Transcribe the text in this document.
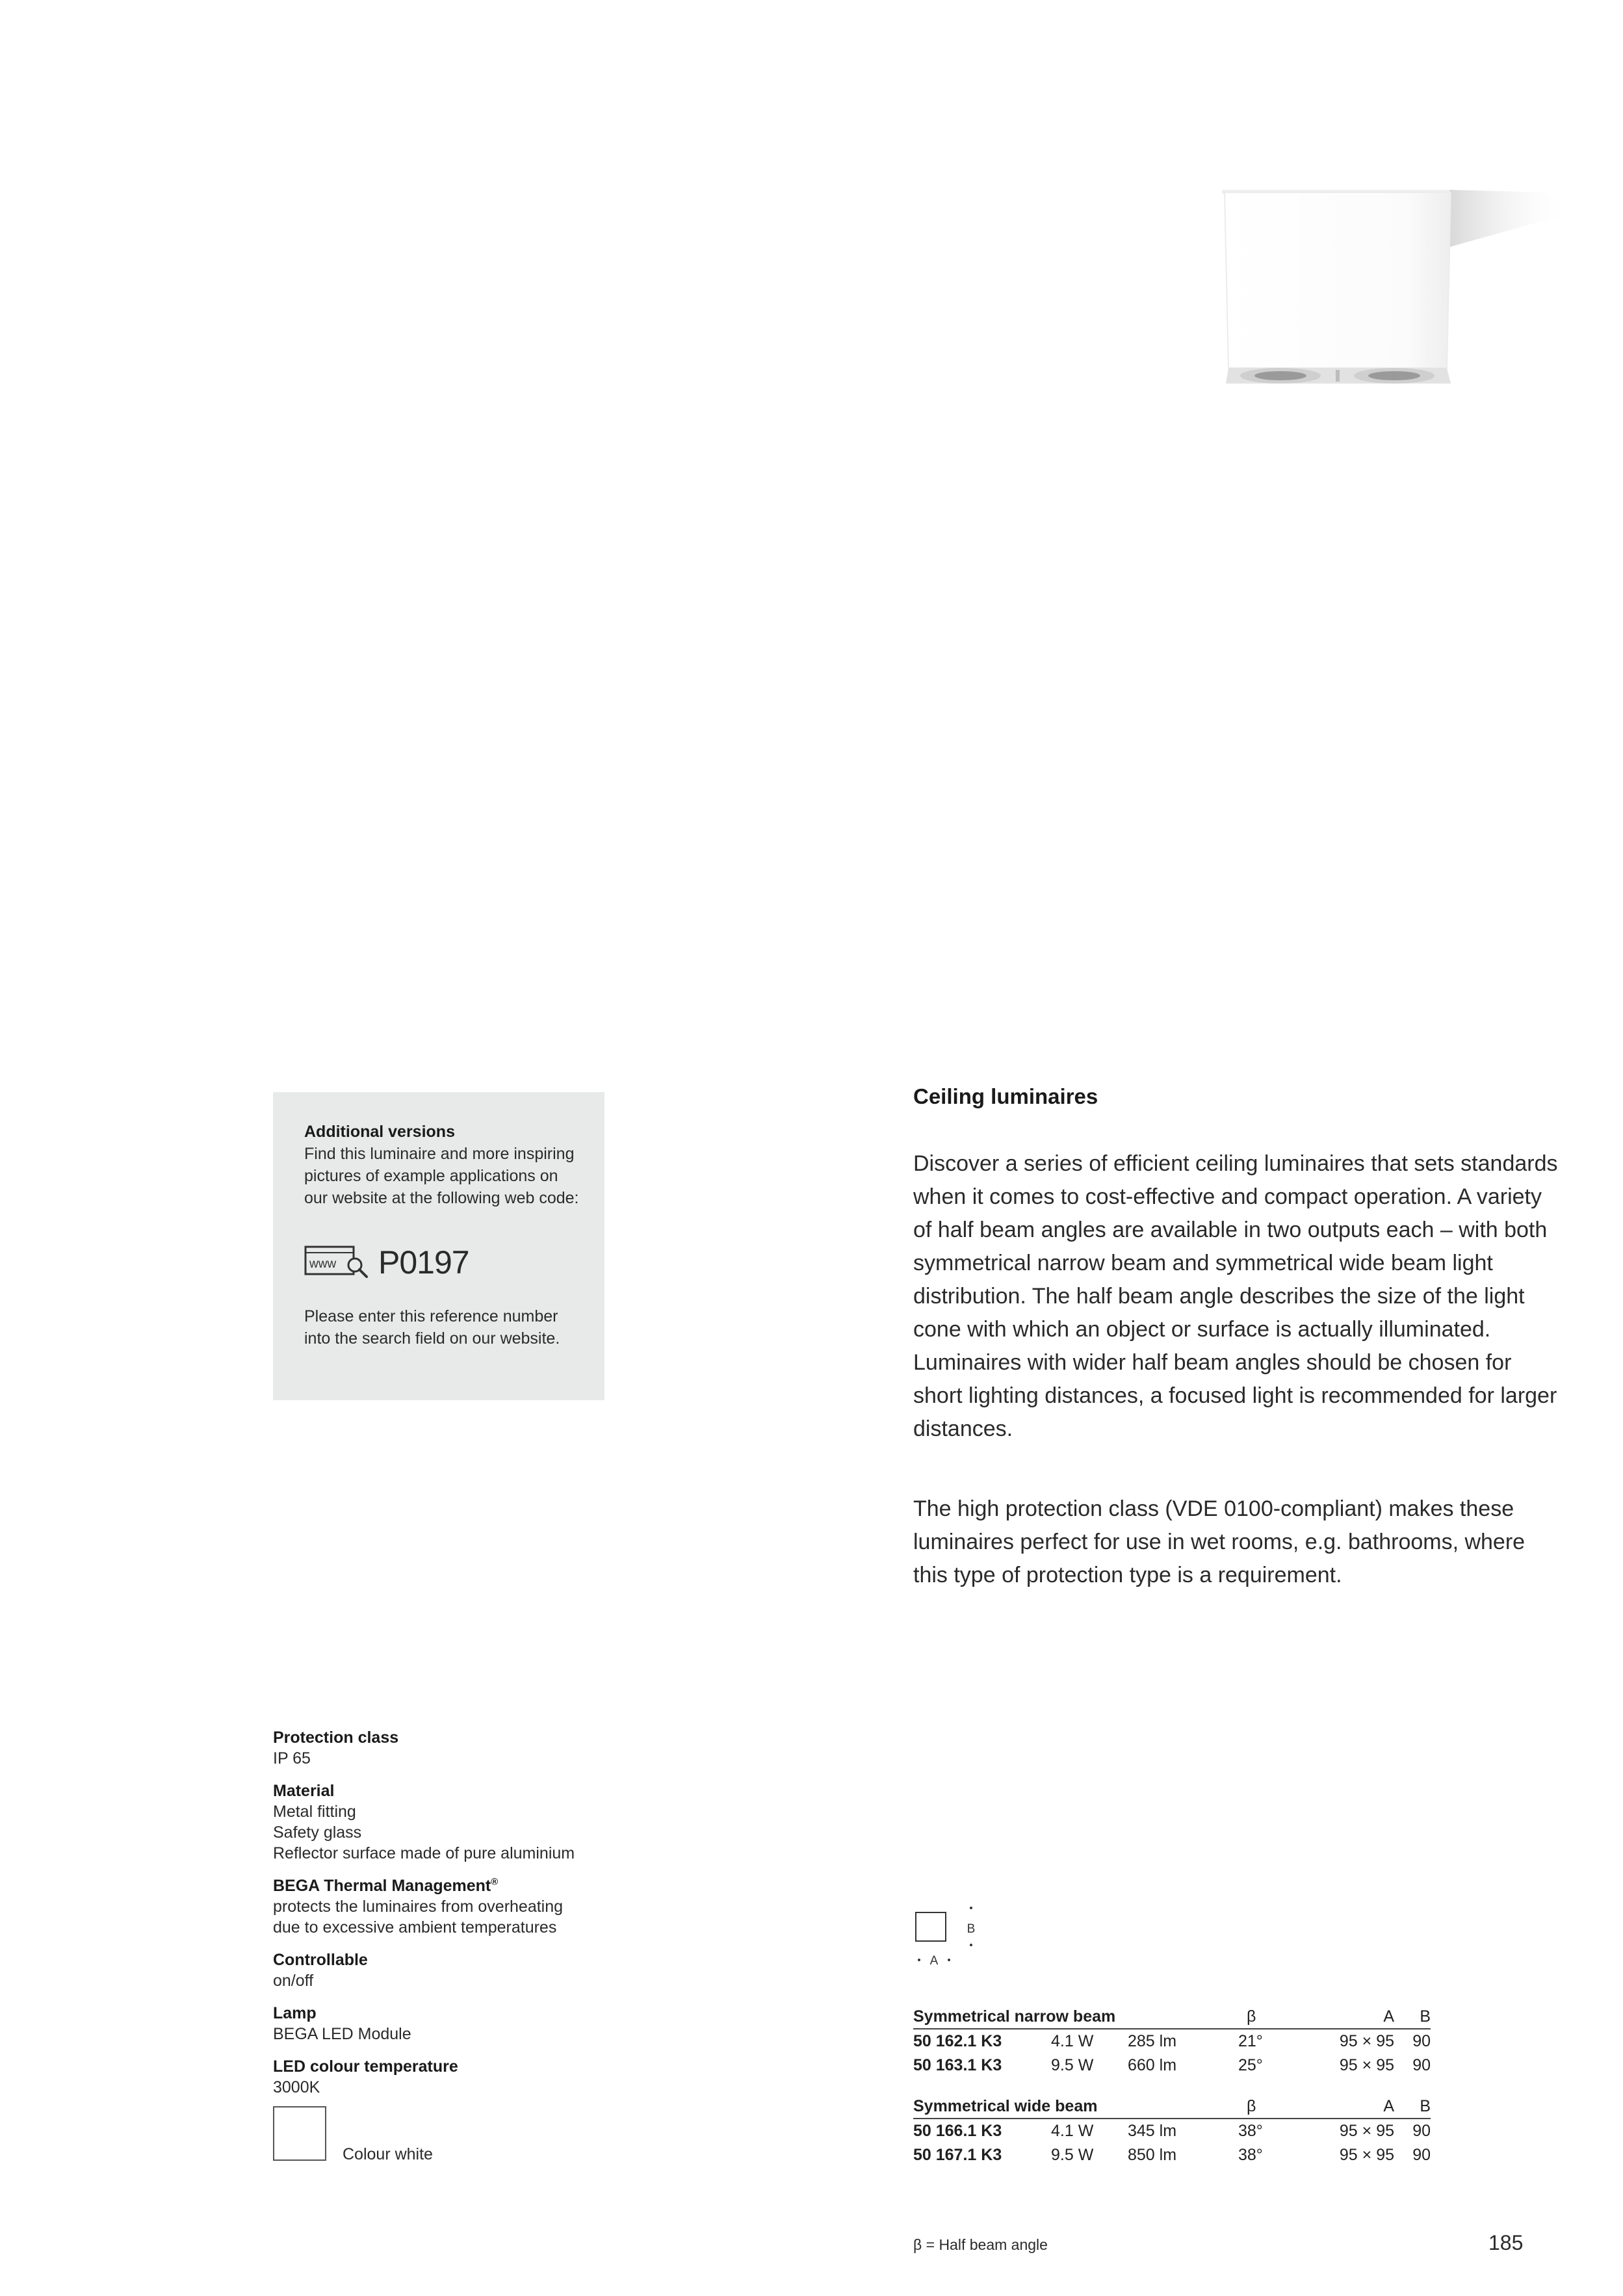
Additional versions
Find this luminaire and more inspiring pictures of example applications on our website at the following web code:
www P0197
Please enter this reference number into the search field on our website.
Ceiling luminaires

Discover a series of efficient ceiling luminaires that sets standards when it comes to cost-effective and compact operation. A variety of half beam angles are available in two outputs each – with both symmetrical narrow beam and symmetrical wide beam light distribution. The half beam angle describes the size of the light cone with which an object or surface is actually illuminated. Luminaires with wider half beam angles should be chosen for short lighting distances, a focused light is recommended for larger distances.

The high protection class (VDE 0100-compliant) makes these luminaires perfect for use in wet rooms, e.g. bathrooms, where this type of protection type is a requirement.

Protection class
IP 65
Material
Metal fitting
Safety glass
Reflector surface made of pure aluminium
BEGA Thermal Management®
protects the luminaires from overheating
due to excessive ambient temperatures
Controllable
on/off
Lamp
BEGA LED Module
LED colour temperature
3000K
Colour white
B
A
Symmetrical narrow beam	β	A B
50 162.1 K3	4.1 W 285 lm	21°	95 × 95 90
50 163.1 K3	9.5 W 660 lm	25°	95 × 95 90
Symmetrical wide beam	β	A B
50 166.1 K3	4.1 W 345 lm	38°	95 × 95 90
50 167.1 K3	9.5 W 850 lm	38°	95 × 95 90
β = Half beam angle	185
